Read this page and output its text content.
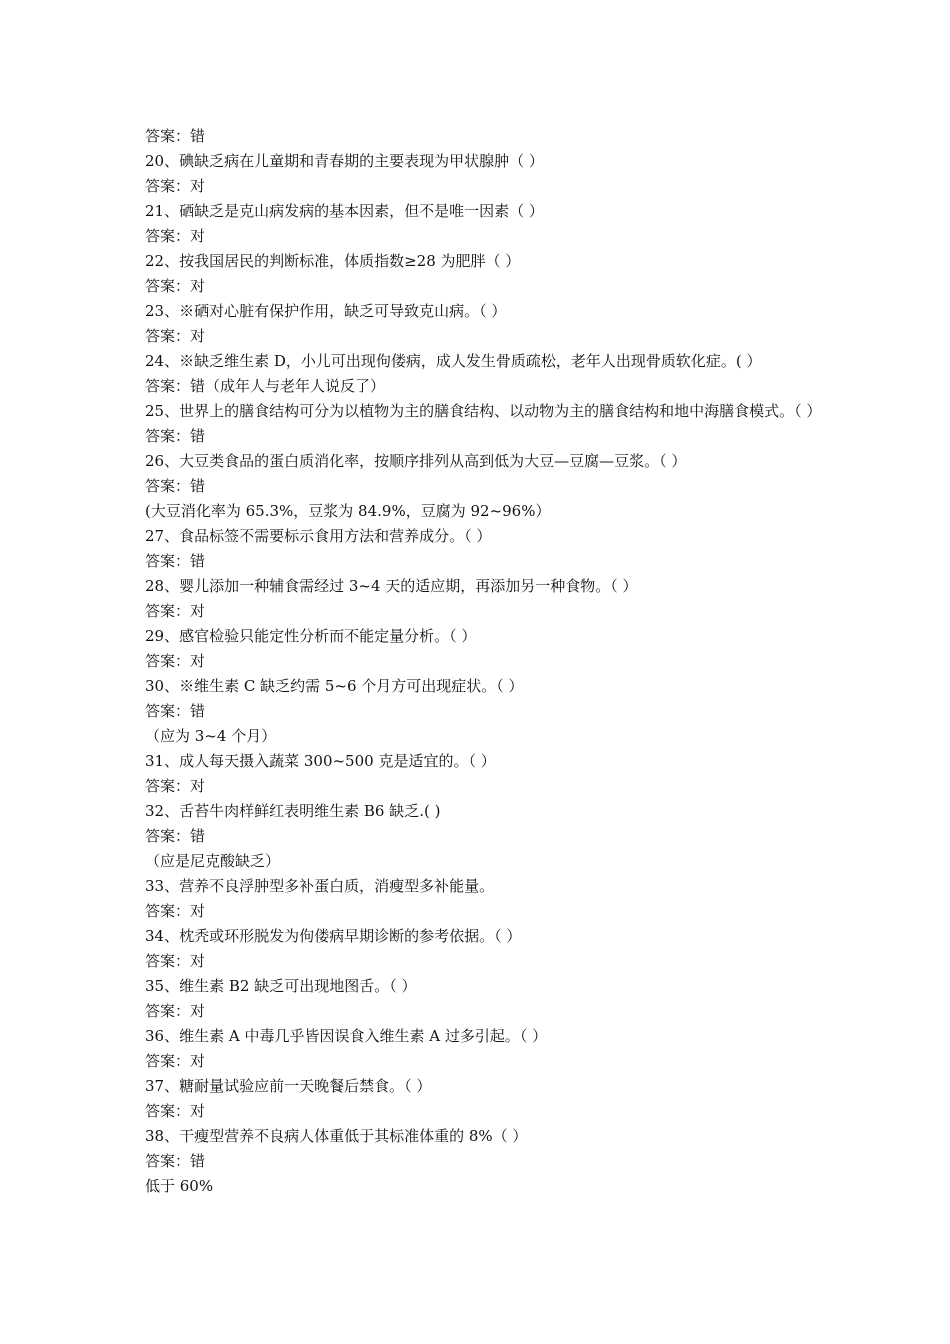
答案：错
20、碘缺乏病在儿童期和青春期的主要表现为甲状腺肿（ ）
答案：对
21、硒缺乏是克山病发病的基本因素，但不是唯一因素（ ）
答案：对
22、按我国居民的判断标准，体质指数≥28 为肥胖（ ）
答案：对
23、※硒对心脏有保护作用，缺乏可导致克山病。（ ）
答案：对
24、※缺乏维生素 D，小儿可出现佝偻病，成人发生骨质疏松，老年人出现骨质软化症。( ）
答案：错（成年人与老年人说反了）
25、世界上的膳食结构可分为以植物为主的膳食结构、以动物为主的膳食结构和地中海膳食模式。（ ）
答案：错
26、大豆类食品的蛋白质消化率，按顺序排列从高到低为大豆—豆腐—豆浆。（ ）
答案：错
(大豆消化率为 65.3%，豆浆为 84.9%，豆腐为 92~96%）
27、食品标签不需要标示食用方法和营养成分。（ ）
答案：错
28、婴儿添加一种辅食需经过 3~4 天的适应期，再添加另一种食物。（ ）
答案：对
29、感官检验只能定性分析而不能定量分析。（ ）
答案：对
30、※维生素 C 缺乏约需 5~6 个月方可出现症状。（ ）
答案：错
（应为 3~4 个月）
31、成人每天摄入蔬菜 300~500 克是适宜的。（ ）
答案：对
32、舌苔牛肉样鲜红表明维生素 B6 缺乏.( )
答案：错
（应是尼克酸缺乏）
33、营养不良浮肿型多补蛋白质，消瘦型多补能量。
答案：对
34、枕秃或环形脱发为佝偻病早期诊断的参考依据。（ ）
答案：对
35、维生素 B2 缺乏可出现地图舌。（ ）
答案：对
36、维生素 A 中毒几乎皆因误食入维生素 A 过多引起。（ ）
答案：对
37、糖耐量试验应前一天晚餐后禁食。（ ）
答案：对
38、干瘦型营养不良病人体重低于其标准体重的 8%（ ）
答案：错
低于 60%
